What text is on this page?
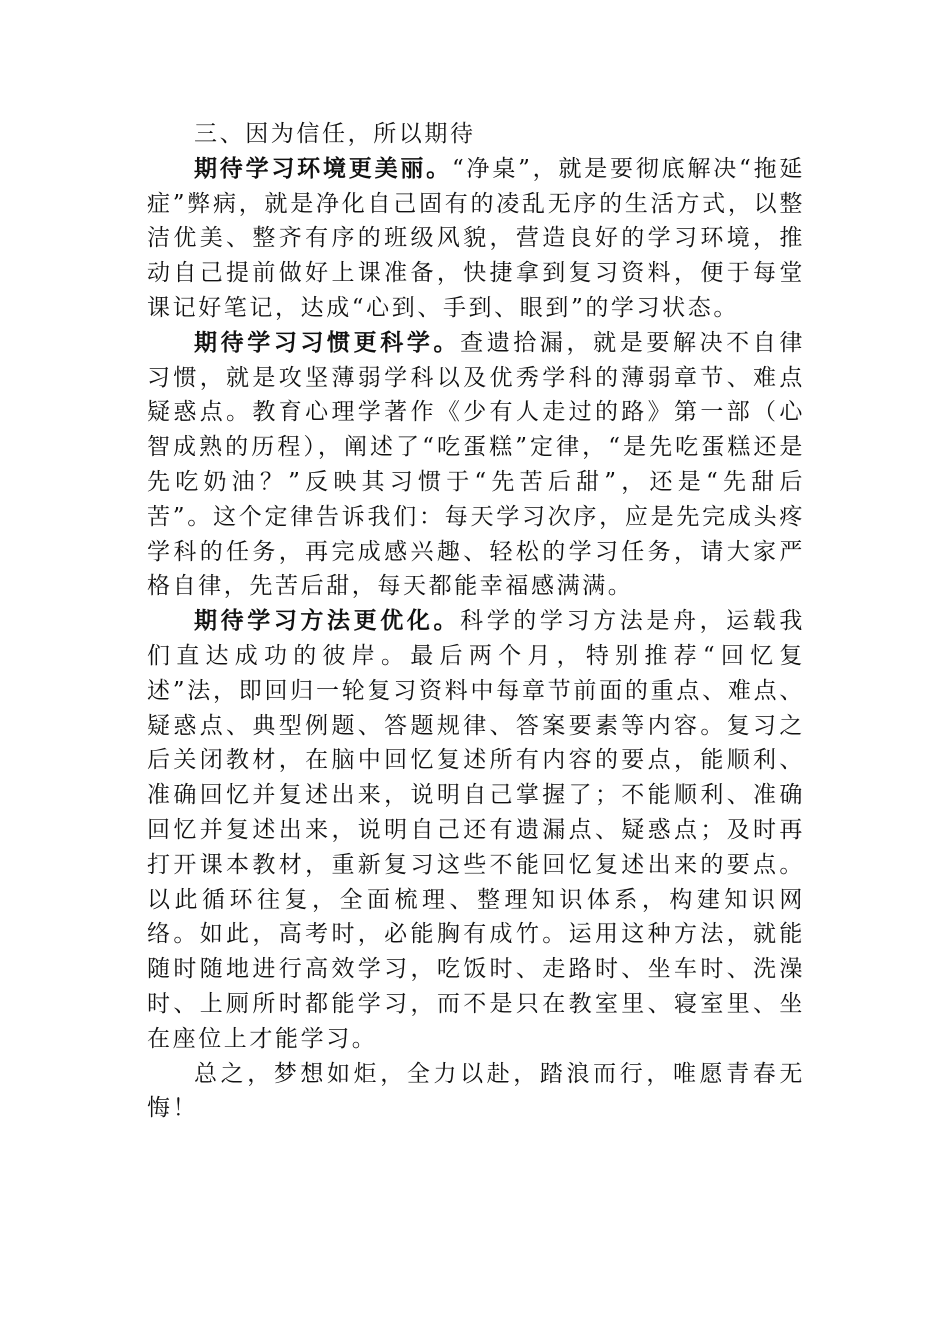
三、因为信任，所以期待

期待学习环境更美丽。“净桌”，就是要彻底解决“拖延症”弊病，就是净化自己固有的凌乱无序的生活方式，以整洁优美、整齐有序的班级风貌，营造良好的学习环境，推动自己提前做好上课准备，快捷拿到复习资料，便于每堂课记好笔记，达成“心到、手到、眼到”的学习状态。

期待学习习惯更科学。查遗拾漏，就是要解决不自律习惯，就是攻坚薄弱学科以及优秀学科的薄弱章节、难点疑惑点。教育心理学著作《少有人走过的路》第一部（心智成熟的历程），阐述了“吃蛋糕”定律，“是先吃蛋糕还是先吃奶油？”反映其习惯于“先苦后甜”，还是“先甜后苦”。这个定律告诉我们：每天学习次序，应是先完成头疼学科的任务，再完成感兴趣、轻松的学习任务，请大家严格自律，先苦后甜，每天都能幸福感满满。

期待学习方法更优化。科学的学习方法是舟，运载我们直达成功的彼岸。最后两个月，特别推荐“回忆复述”法，即回归一轮复习资料中每章节前面的重点、难点、疑惑点、典型例题、答题规律、答案要素等内容。复习之后关闭教材，在脑中回忆复述所有内容的要点，能顺利、准确回忆并复述出来，说明自己掌握了；不能顺利、准确回忆并复述出来，说明自己还有遗漏点、疑惑点；及时再打开课本教材，重新复习这些不能回忆复述出来的要点。以此循环往复，全面梳理、整理知识体系，构建知识网络。如此，高考时，必能胸有成竹。运用这种方法，就能随时随地进行高效学习，吃饭时、走路时、坐车时、洗澡时、上厕所时都能学习，而不是只在教室里、寝室里、坐在座位上才能学习。

总之，梦想如炬，全力以赴，踏浪而行，唯愿青春无悔！
